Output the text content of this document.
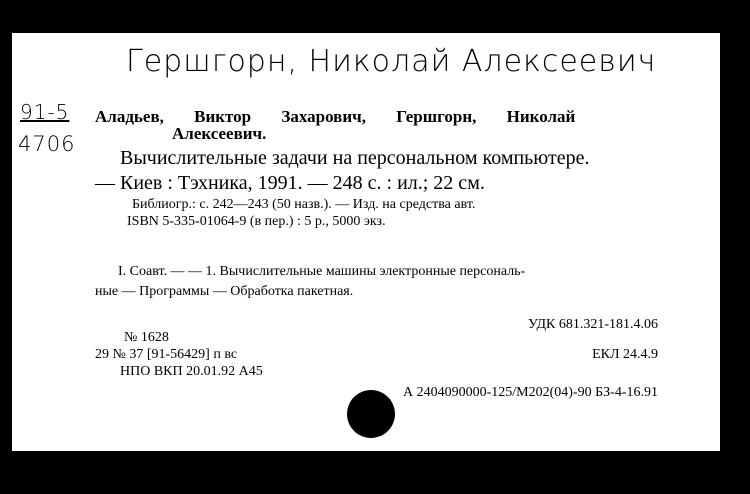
Гершгорн, Николай Алексеевич
91-5
4706
Аладьев, Виктор Захарович, Гершгорн, Николай
Алексеевич.
Вычислительные задачи на персональном компьютере.
— Киев : Тэхника, 1991. — 248 с. : ил.; 22 см.
Библиогр.: с. 242—243 (50 назв.). — Изд. на средства авт.
ISBN 5-335-01064-9 (в пер.) : 5 р., 5000 экз.
I. Соавт. — — 1. Вычислительные машины электронные персональ-
ные — Программы — Обработка пакетная.
УДК 681.321-181.4.06
№ 1628
29 № 37 [91-56429] п вс	ЕКЛ 24.4.9
НПО ВКП 20.01.92 А45
А 2404090000-125/М202(04)-90 БЗ-4-16.91
